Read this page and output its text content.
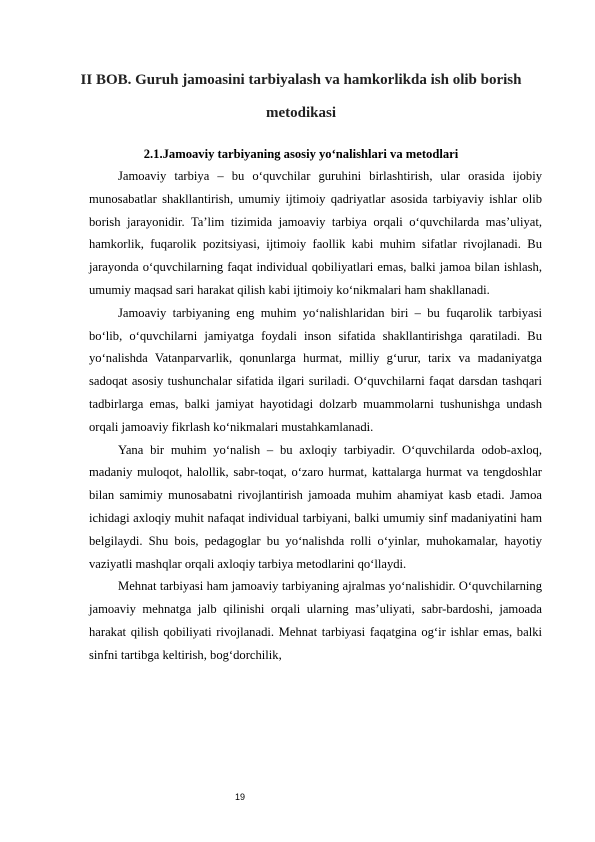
II BOB. Guruh jamoasini tarbiyalash va hamkorlikda ish olib borish metodikasi
2.1.Jamoaviy tarbiyaning asosiy yo‘nalishlari va metodlari

Jamoaviy tarbiya – bu o‘quvchilar guruhini birlashtirish, ular orasida ijobiy munosabatlar shakllantirish, umumiy ijtimoiy qadriyatlar asosida tarbiyaviy ishlar olib borish jarayonidir. Ta’lim tizimida jamoaviy tarbiya orqali o‘quvchilarda mas’uliyat, hamkorlik, fuqarolik pozitsiyasi, ijtimoiy faollik kabi muhim sifatlar rivojlanadi. Bu jarayonda o‘quvchilarning faqat individual qobiliyatlari emas, balki jamoa bilan ishlash, umumiy maqsad sari harakat qilish kabi ijtimoiy ko‘nikmalari ham shakllanadi.

Jamoaviy tarbiyaning eng muhim yo‘nalishlaridan biri – bu fuqarolik tarbiyasi bo‘lib, o‘quvchilarni jamiyatga foydali inson sifatida shakllantirishga qaratiladi. Bu yo‘nalishda Vatanparvarlik, qonunlarga hurmat, milliy g‘urur, tarix va madaniyatga sadoqat asosiy tushunchalar sifatida ilgari suriladi. O‘quvchilarni faqat darsdan tashqari tadbirlarga emas, balki jamiyat hayotidagi dolzarb muammolarni tushunishga undash orqali jamoaviy fikrlash ko‘nikmalari mustahkamlanadi.

Yana bir muhim yo‘nalish – bu axloqiy tarbiyadir. O‘quvchilarda odob-axloq, madaniy muloqot, halollik, sabr-toqat, o‘zaro hurmat, kattalarga hurmat va tengdoshlar bilan samimiy munosabatni rivojlantirish jamoada muhim ahamiyat kasb etadi. Jamoa ichidagi axloqiy muhit nafaqat individual tarbiyani, balki umumiy sinf madaniyatini ham belgilaydi. Shu bois, pedagoglar bu yo‘nalishda rolli o‘yinlar, muhokamalar, hayotiy vaziyatli mashqlar orqali axloqiy tarbiya metodlarini qo‘llaydi.

Mehnat tarbiyasi ham jamoaviy tarbiyaning ajralmas yo‘nalishidir. O‘quvchilarning jamoaviy mehnatga jalb qilinishi orqali ularning mas’uliyati, sabr-bardoshi, jamoada harakat qilish qobiliyati rivojlanadi. Mehnat tarbiyasi faqatgina og‘ir ishlar emas, balki sinfni tartibga keltirish, bog‘dorchilik,

19
